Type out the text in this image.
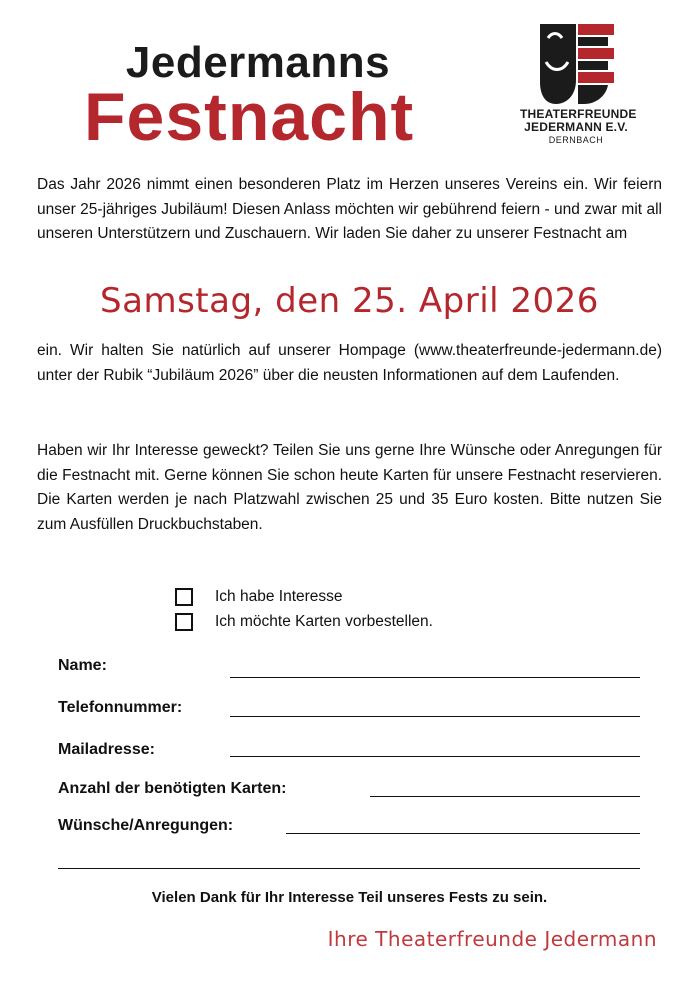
Jedermanns
Festnacht	THEATERFREUNDE
JEDERMANN E.V.
DERNBACH
Das Jahr 2026 nimmt einen besonderen Platz im Herzen unseres Vereins ein. Wir feiern unser 25-jähriges Jubiläum! Diesen Anlass möchten wir gebührend feiern - und zwar mit all unseren Unterstützern und Zuschauern. Wir laden Sie daher zu unserer Festnacht am
Samstag, den 25. April 2026
ein. Wir halten Sie natürlich auf unserer Hompage (www.theaterfreunde-jedermann.de) unter der Rubik “Jubiläum 2026” über die neusten Informationen auf dem Laufenden.
Haben wir Ihr Interesse geweckt? Teilen Sie uns gerne Ihre Wünsche oder Anregungen für die Festnacht mit. Gerne können Sie schon heute Karten für unsere Festnacht reservieren. Die Karten werden je nach Platzwahl zwischen 25 und 35 Euro kosten. Bitte nutzen Sie zum Ausfüllen Druckbuchstaben.
Ich habe Interesse
Ich möchte Karten vorbestellen.
Name:
Telefonnummer:
Mailadresse:
Anzahl der benötigten Karten:
Wünsche/Anregungen:
Vielen Dank für Ihr Interesse Teil unseres Fests zu sein.
Ihre Theaterfreunde Jedermann
